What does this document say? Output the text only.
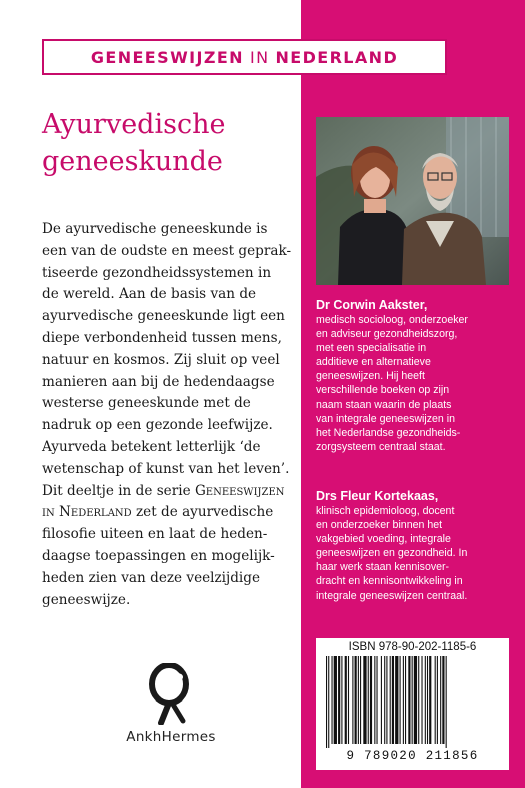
GENEESWIJZEN IN NEDERLAND
Ayurvedische
geneeskunde
De ayurvedische geneeskunde is
een van de oudste en meest geprak-
tiseerde gezondheidssystemen in
de wereld. Aan de basis van de
ayurvedische geneeskunde ligt een
diepe verbondenheid tussen mens,
natuur en kosmos. Zij sluit op veel
manieren aan bij de hedendaagse
westerse geneeskunde met de
nadruk op een gezonde leefwijze.
Ayurveda betekent letterlijk ‘de
wetenschap of kunst van het leven’.
Dit deeltje in de serie Geneeswijzen
in Nederland zet de ayurvedische
filosofie uiteen en laat de heden-
daagse toepassingen en mogelijk-
heden zien van deze veelzijdige
geneeswijze.
AnkhHermes
Dr Corwin Aakster,
medisch socioloog, onderzoeker
en adviseur gezondheidszorg,
met een specialisatie in
additieve en alternatieve
geneeswijzen. Hij heeft
verschillende boeken op zijn
naam staan waarin de plaats
van integrale geneeswijzen in
het Nederlandse gezondheids-
zorgsysteem centraal staat.
Drs Fleur Kortekaas,
klinisch epidemioloog, docent
en onderzoeker binnen het
vakgebied voeding, integrale
geneeswijzen en gezondheid. In
haar werk staan kennisover-
dracht en kennisontwikkeling in
integrale geneeswijzen centraal.
ISBN 978-90-202-1185-6
9 789020 211856
